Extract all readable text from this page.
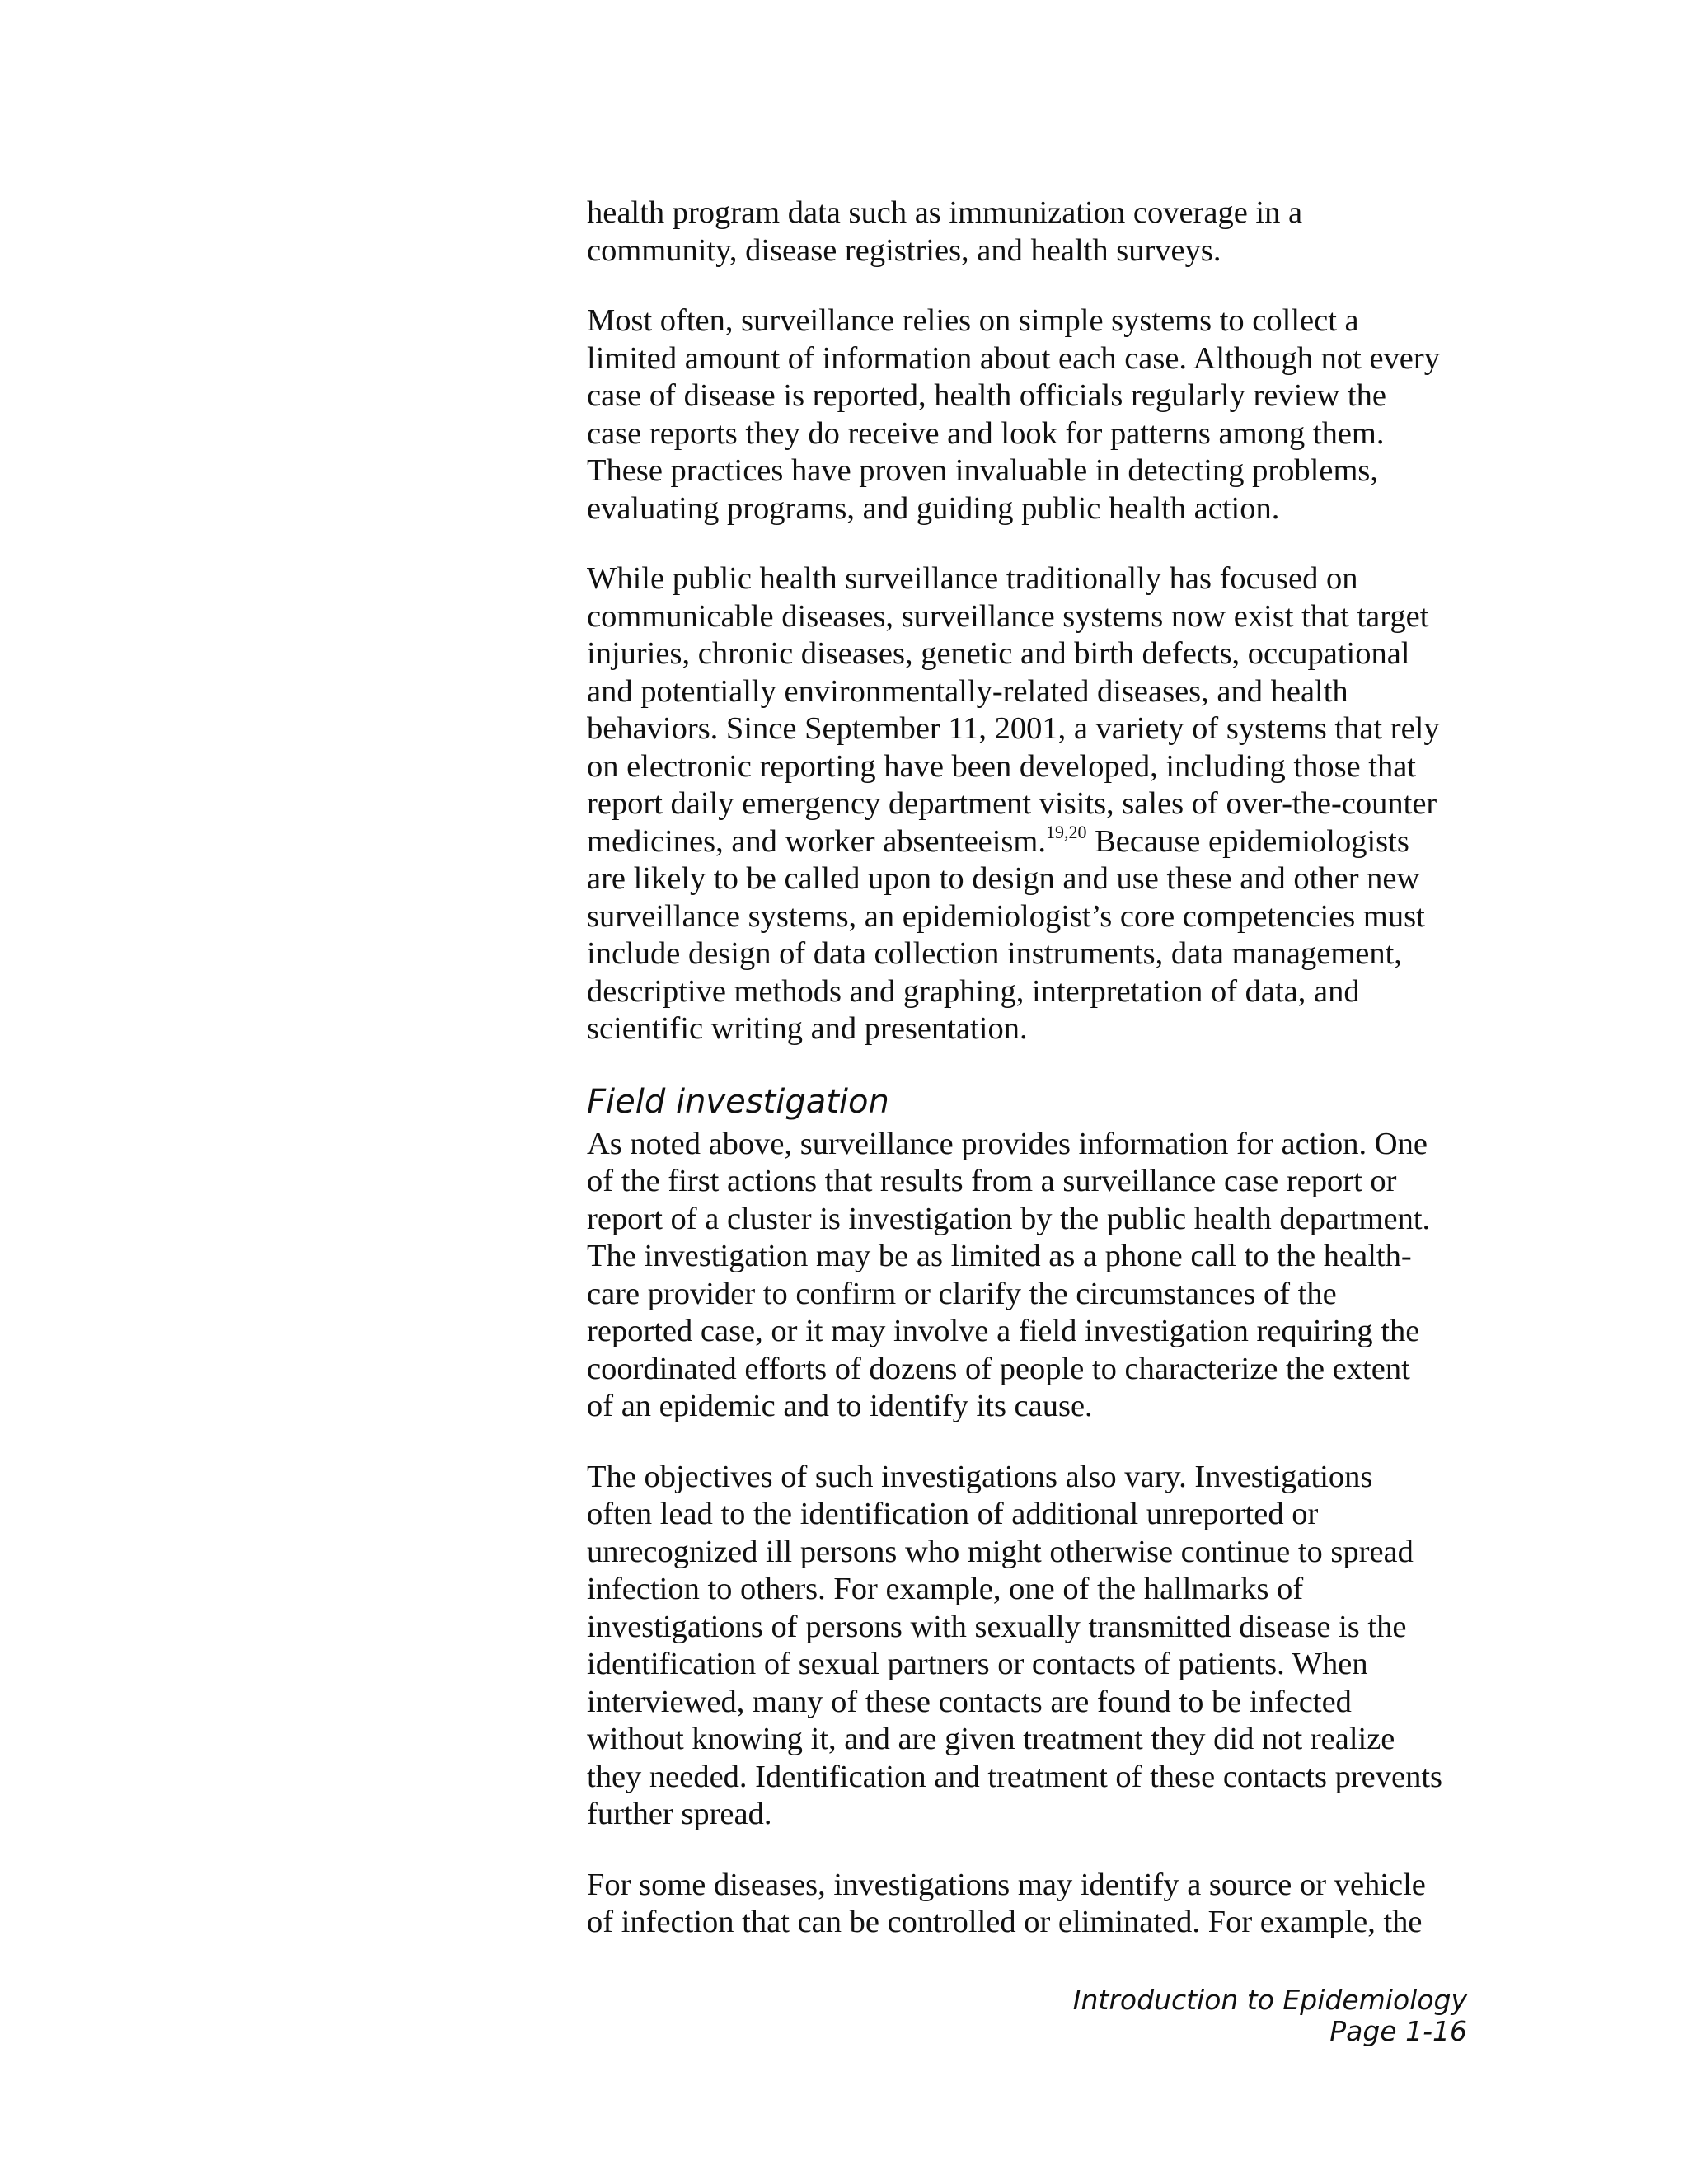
health program data such as immunization coverage in a
community, disease registries, and health surveys.

Most often, surveillance relies on simple systems to collect a
limited amount of information about each case. Although not every
case of disease is reported, health officials regularly review the
case reports they do receive and look for patterns among them.
These practices have proven invaluable in detecting problems,
evaluating programs, and guiding public health action.

While public health surveillance traditionally has focused on
communicable diseases, surveillance systems now exist that target
injuries, chronic diseases, genetic and birth defects, occupational
and potentially environmentally-related diseases, and health
behaviors. Since September 11, 2001, a variety of systems that rely
on electronic reporting have been developed, including those that
report daily emergency department visits, sales of over-the-counter
medicines, and worker absenteeism.$^{19,20}$ Because epidemiologists
are likely to be called upon to design and use these and other new
surveillance systems, an epidemiologist’s core competencies must
include design of data collection instruments, data management,
descriptive methods and graphing, interpretation of data, and
scientific writing and presentation.

Field investigation

As noted above, surveillance provides information for action. One
of the first actions that results from a surveillance case report or
report of a cluster is investigation by the public health department.
The investigation may be as limited as a phone call to the health-
care provider to confirm or clarify the circumstances of the
reported case, or it may involve a field investigation requiring the
coordinated efforts of dozens of people to characterize the extent
of an epidemic and to identify its cause.

The objectives of such investigations also vary. Investigations
often lead to the identification of additional unreported or
unrecognized ill persons who might otherwise continue to spread
infection to others. For example, one of the hallmarks of
investigations of persons with sexually transmitted disease is the
identification of sexual partners or contacts of patients. When
interviewed, many of these contacts are found to be infected
without knowing it, and are given treatment they did not realize
they needed. Identification and treatment of these contacts prevents
further spread.

For some diseases, investigations may identify a source or vehicle
of infection that can be controlled or eliminated. For example, the

Introduction to Epidemiology
Page 1-16
